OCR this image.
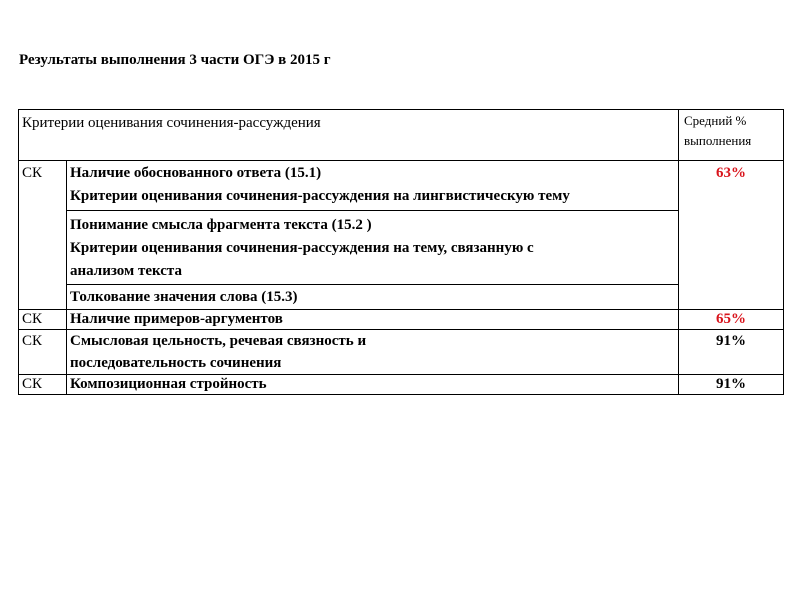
Результаты выполнения 3 части ОГЭ в 2015 г
Критерии оценивания сочинения-рассуждения		Средний %
выполнения

СК	Наличие обоснованного ответа (15.1)
Критерии оценивания сочинения-рассуждения на лингвистическую тему	63%

	Понимание смысла фрагмента текста (15.2 )
Критерии оценивания сочинения-рассуждения на тему, связанную с
анализом текста	

	Толкование значения слова (15.3)	

СК	Наличие примеров-аргументов	65%
СК	Смысловая цельность, речевая связность и
последовательность сочинения	91%
СК	Композиционная стройность	91%
